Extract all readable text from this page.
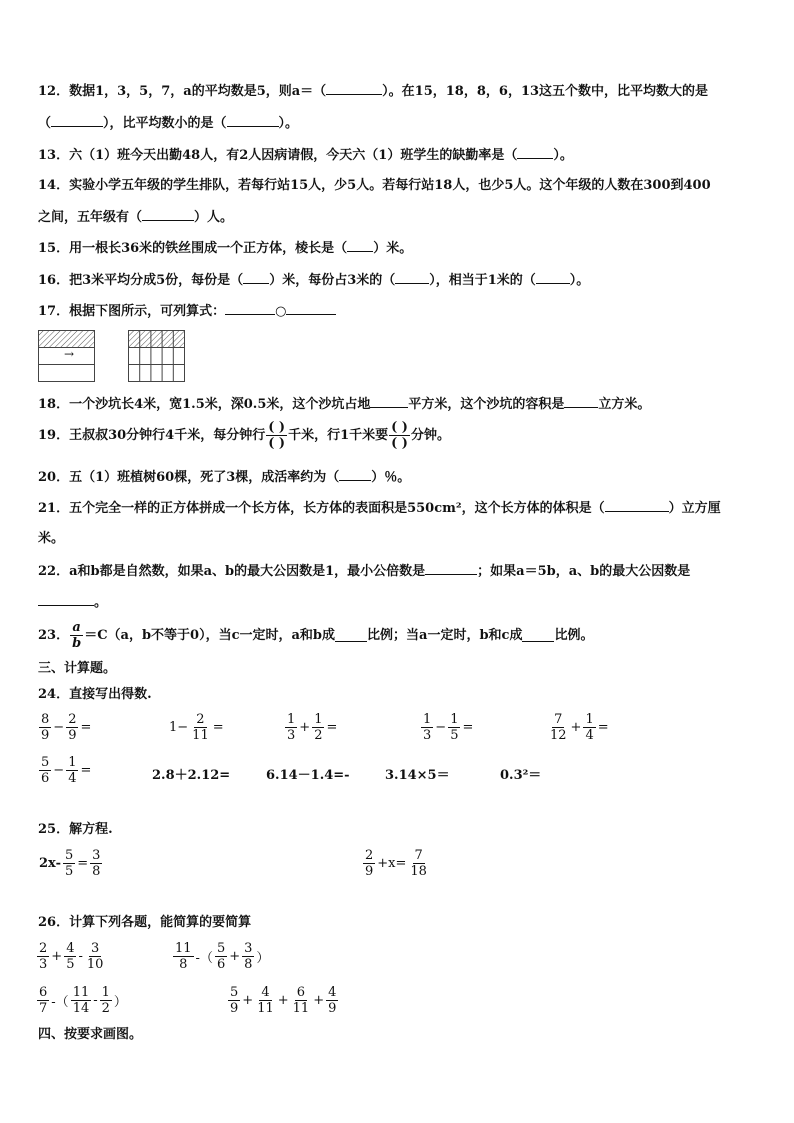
12．数据1，3，5，7，a的平均数是5，则a＝（	）。在15，18，8，6，13这五个数中，比平均数大的是
（	），比平均数小的是（	）。
13．六（1）班今天出勤48人，有2人因病请假，今天六（1）班学生的缺勤率是（	）。
14．实验小学五年级的学生排队，若每行站15人，少5人。若每行站18人，也少5人。这个年级的人数在300到400
之间，五年级有（	）人。
15．用一根长36米的铁丝围成一个正方体，棱长是（ ）米。
16．把3米平均分成5份，每份是（ ）米，每份占3米的（	），相当于1米的（	）。
17．根据下图所示，可列算式：	○
→
18．一个沙坑长4米，宽1.5米，深0.5米，这个沙坑占地	平方米，这个沙坑的容积是	立方米。
19．王叔叔30分钟行4千米，每分钟行 $\frac{( )}{( )}$ 千米，行1千米要 $\frac{( )}{( )}$ 分钟。
20．五（1）班植树60棵，死了3棵，成活率约为（ ）％。
21．五个完全一样的正方体拼成一个长方体，长方体的表面积是550cm²，这个长方体的体积是（	）立方厘
米。
22．a和b都是自然数，如果a、b的最大公因数是1，最小公倍数是	；如果a＝5b，a、b的最大公因数是
。
23． $\frac{a}{b} =C(a$，b不等于0），当c一定时，a和b成 比例；当a一定时，b和c成 比例。
三、计算题。
24．直接写出得数.
$\frac{8}{9} - \frac{2}{9}$ =	$1- \frac{2}{11}$ =	$\frac{1}{3} + \frac{1}{2}$ =	$\frac{1}{3} - \frac{1}{5}$ =	$\frac{7}{12} + \frac{1}{4}$ =
$\frac{5}{6} - \frac{1}{4}$ =	2.8＋2.12=	6.14－1.4=-	3.14×5＝	0.3²＝
25．解方程.
$2x- \frac{5}{5} = \frac{3}{8}$	$\frac{2}{9} +x= \frac{7}{18}$
26．计算下列各题，能简算的要简算
$\frac{2}{3} + \frac{4}{5} - \frac{3}{10}$	$\frac{11}{8}$ -（ $\frac{5}{6} + \frac{3}{8}$ ）
$\frac{6}{7}$ -（ $\frac{11}{14} - \frac{1}{2}$ ）	$\frac{5}{9} + \frac{4}{11} + \frac{6}{11} + \frac{4}{9}$
四、按要求画图。
